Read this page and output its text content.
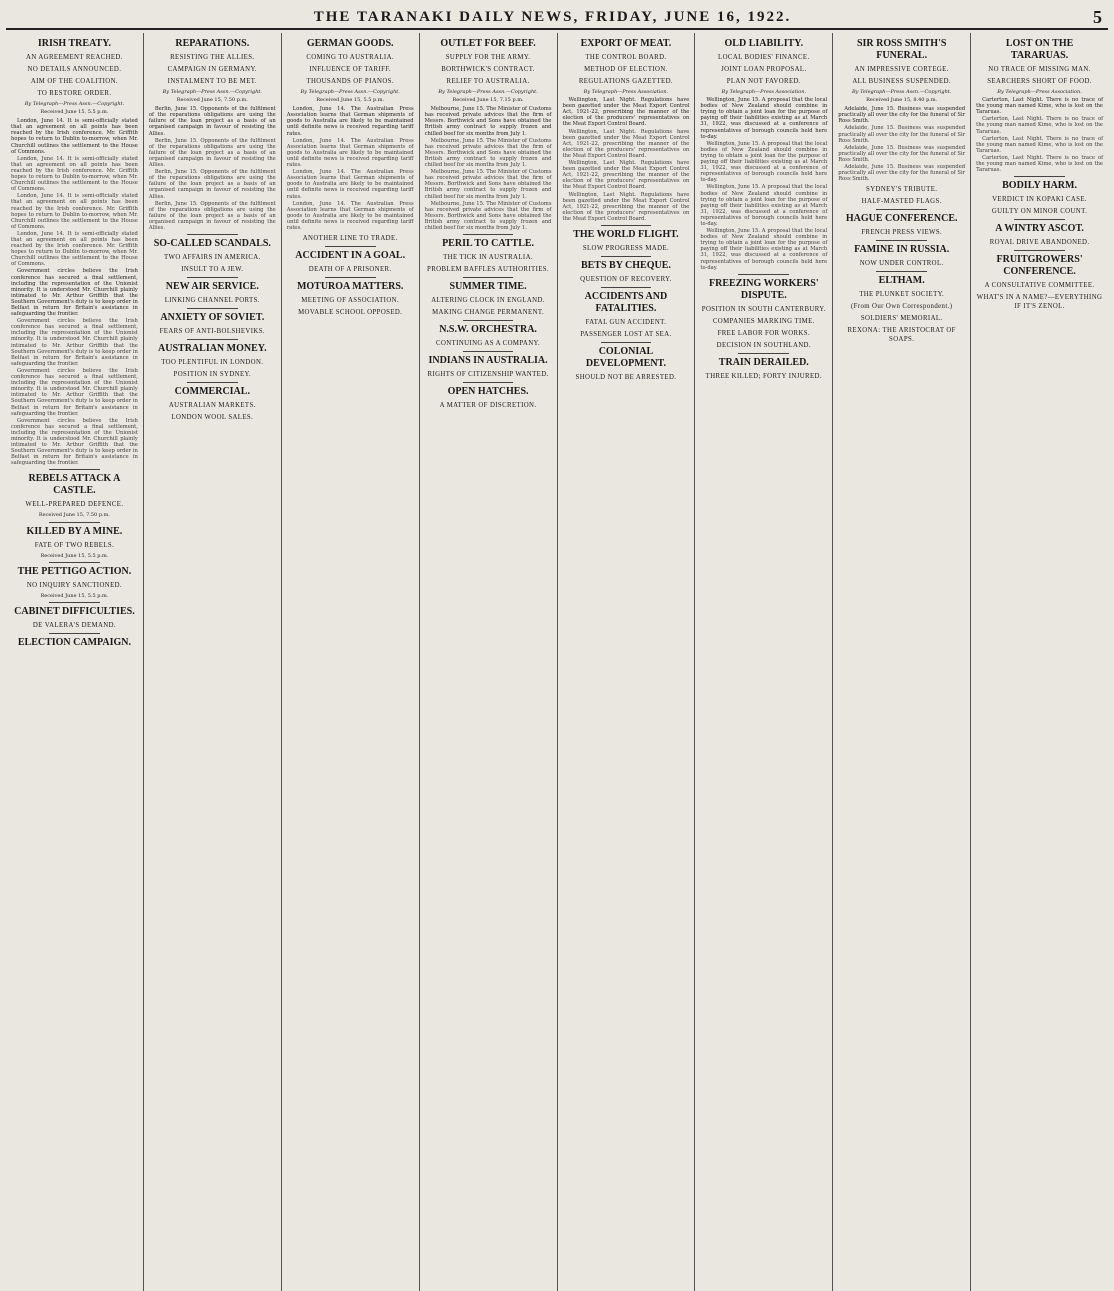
THE TARANAKI DAILY NEWS, FRIDAY, JUNE 16, 1922.	5
IRISH TREATY.
AN AGREEMENT REACHED.
NO DETAILS ANNOUNCED.
AIM OF THE COALITION.
TO RESTORE ORDER.
By Telegraph—Press Assn.—Copyright.
Received June 15, 5.5 p.m.
London, June 14. It is semi-officially stated that an agreement on all points has been reached by the Irish conference. Mr. Griffith hopes to return to Dublin to-morrow, when Mr. Churchill outlines the settlement to the House of Commons.
London, June 14. It is semi-officially stated that an agreement on all points has been reached by the Irish conference. Mr. Griffith hopes to return to Dublin to-morrow, when Mr. Churchill outlines the settlement to the House of Commons.
London, June 14. It is semi-officially stated that an agreement on all points has been reached by the Irish conference. Mr. Griffith hopes to return to Dublin to-morrow, when Mr. Churchill outlines the settlement to the House of Commons.
London, June 14. It is semi-officially stated that an agreement on all points has been reached by the Irish conference. Mr. Griffith hopes to return to Dublin to-morrow, when Mr. Churchill outlines the settlement to the House of Commons.
Government circles believe the Irish conference has secured a final settlement, including the representation of the Unionist minority. It is understood Mr. Churchill plainly intimated to Mr. Arthur Griffith that the Southern Government's duty is to keep order in Belfast in return for Britain's assistance in safeguarding the frontier.
Government circles believe the Irish conference has secured a final settlement, including the representation of the Unionist minority. It is understood Mr. Churchill plainly intimated to Mr. Arthur Griffith that the Southern Government's duty is to keep order in Belfast in return for Britain's assistance in safeguarding the frontier.
Government circles believe the Irish conference has secured a final settlement, including the representation of the Unionist minority. It is understood Mr. Churchill plainly intimated to Mr. Arthur Griffith that the Southern Government's duty is to keep order in Belfast in return for Britain's assistance in safeguarding the frontier.
Government circles believe the Irish conference has secured a final settlement, including the representation of the Unionist minority. It is understood Mr. Churchill plainly intimated to Mr. Arthur Griffith that the Southern Government's duty is to keep order in Belfast in return for Britain's assistance in safeguarding the frontier.
REBELS ATTACK A CASTLE.
WELL-PREPARED DEFENCE.
Received June 15, 7.50 p.m.
KILLED BY A MINE.
FATE OF TWO REBELS.
Received June 15, 5.5 p.m.
THE PETTIGO ACTION.
NO INQUIRY SANCTIONED.
Received June 15, 5.5 p.m.
CABINET DIFFICULTIES.
DE VALERA'S DEMAND.
ELECTION CAMPAIGN.
REPARATIONS.
RESISTING THE ALLIES.
CAMPAIGN IN GERMANY.
INSTALMENT TO BE MET.
By Telegraph—Press Assn.—Copyright.
Received June 15, 7.50 p.m.
Berlin, June 15. Opponents of the fulfilment of the reparations obligations are using the failure of the loan project as a basis of an organised campaign in favour of resisting the Allies.
Berlin, June 15. Opponents of the fulfilment of the reparations obligations are using the failure of the loan project as a basis of an organised campaign in favour of resisting the Allies.
Berlin, June 15. Opponents of the fulfilment of the reparations obligations are using the failure of the loan project as a basis of an organised campaign in favour of resisting the Allies.
Berlin, June 15. Opponents of the fulfilment of the reparations obligations are using the failure of the loan project as a basis of an organised campaign in favour of resisting the Allies.
SO-CALLED SCANDALS.
TWO AFFAIRS IN AMERICA.
INSULT TO A JEW.
NEW AIR SERVICE.
LINKING CHANNEL PORTS.
ANXIETY OF SOVIET.
FEARS OF ANTI-BOLSHEVIKS.
AUSTRALIAN MONEY.
TOO PLENTIFUL IN LONDON.
POSITION IN SYDNEY.
COMMERCIAL.
AUSTRALIAN MARKETS.
LONDON WOOL SALES.
GERMAN GOODS.
COMING TO AUSTRALIA.
INFLUENCE OF TARIFF.
THOUSANDS OF PIANOS.
By Telegraph—Press Assn.—Copyright.
Received June 15, 5.5 p.m.
London, June 14. The Australian Press Association learns that German shipments of goods to Australia are likely to be maintained until definite news is received regarding tariff rates.
London, June 14. The Australian Press Association learns that German shipments of goods to Australia are likely to be maintained until definite news is received regarding tariff rates.
London, June 14. The Australian Press Association learns that German shipments of goods to Australia are likely to be maintained until definite news is received regarding tariff rates.
London, June 14. The Australian Press Association learns that German shipments of goods to Australia are likely to be maintained until definite news is received regarding tariff rates.
ANOTHER LINE TO TRADE.
ACCIDENT IN A GOAL.
DEATH OF A PRISONER.
MOTUROA MATTERS.
MEETING OF ASSOCIATION.
MOVABLE SCHOOL OPPOSED.
OUTLET FOR BEEF.
SUPPLY FOR THE ARMY.
BORTHWICK'S CONTRACT.
RELIEF TO AUSTRALIA.
By Telegraph—Press Assn.—Copyright.
Received June 15, 7.15 p.m.
Melbourne, June 15. The Minister of Customs has received private advices that the firm of Messrs. Borthwick and Sons have obtained the British army contract to supply frozen and chilled beef for six months from July 1.
Melbourne, June 15. The Minister of Customs has received private advices that the firm of Messrs. Borthwick and Sons have obtained the British army contract to supply frozen and chilled beef for six months from July 1.
Melbourne, June 15. The Minister of Customs has received private advices that the firm of Messrs. Borthwick and Sons have obtained the British army contract to supply frozen and chilled beef for six months from July 1.
Melbourne, June 15. The Minister of Customs has received private advices that the firm of Messrs. Borthwick and Sons have obtained the British army contract to supply frozen and chilled beef for six months from July 1.
PERIL TO CATTLE.
THE TICK IN AUSTRALIA.
PROBLEM BAFFLES AUTHORITIES.
SUMMER TIME.
ALTERING CLOCK IN ENGLAND.
MAKING CHANGE PERMANENT.
N.S.W. ORCHESTRA.
CONTINUING AS A COMPANY.
INDIANS IN AUSTRALIA.
RIGHTS OF CITIZENSHIP WANTED.
OPEN HATCHES.
A MATTER OF DISCRETION.
EXPORT OF MEAT.
THE CONTROL BOARD.
METHOD OF ELECTION.
REGULATIONS GAZETTED.
By Telegraph—Press Association.
Wellington, Last Night. Regulations have been gazetted under the Meat Export Control Act, 1921-22, prescribing the manner of the election of the producers' representatives on the Meat Export Control Board.
Wellington, Last Night. Regulations have been gazetted under the Meat Export Control Act, 1921-22, prescribing the manner of the election of the producers' representatives on the Meat Export Control Board.
Wellington, Last Night. Regulations have been gazetted under the Meat Export Control Act, 1921-22, prescribing the manner of the election of the producers' representatives on the Meat Export Control Board.
Wellington, Last Night. Regulations have been gazetted under the Meat Export Control Act, 1921-22, prescribing the manner of the election of the producers' representatives on the Meat Export Control Board.
THE WORLD FLIGHT.
SLOW PROGRESS MADE.
BETS BY CHEQUE.
QUESTION OF RECOVERY.
ACCIDENTS AND FATALITIES.
FATAL GUN ACCIDENT.
PASSENGER LOST AT SEA.
COLONIAL DEVELOPMENT.
SHOULD NOT BE ARRESTED.
OLD LIABILITY.
LOCAL BODIES' FINANCE.
JOINT LOAN PROPOSAL.
PLAN NOT FAVORED.
By Telegraph—Press Association.
Wellington, June 15. A proposal that the local bodies of New Zealand should combine in trying to obtain a joint loan for the purpose of paying off their liabilities existing as at March 31, 1922, was discussed at a conference of representatives of borough councils held here to-day.
Wellington, June 15. A proposal that the local bodies of New Zealand should combine in trying to obtain a joint loan for the purpose of paying off their liabilities existing as at March 31, 1922, was discussed at a conference of representatives of borough councils held here to-day.
Wellington, June 15. A proposal that the local bodies of New Zealand should combine in trying to obtain a joint loan for the purpose of paying off their liabilities existing as at March 31, 1922, was discussed at a conference of representatives of borough councils held here to-day.
Wellington, June 15. A proposal that the local bodies of New Zealand should combine in trying to obtain a joint loan for the purpose of paying off their liabilities existing as at March 31, 1922, was discussed at a conference of representatives of borough councils held here to-day.
FREEZING WORKERS' DISPUTE.
POSITION IN SOUTH CANTERBURY.
COMPANIES MARKING TIME.
FREE LABOR FOR WORKS.
DECISION IN SOUTHLAND.
TRAIN DERAILED.
THREE KILLED; FORTY INJURED.
SIR ROSS SMITH'S FUNERAL.
AN IMPRESSIVE CORTEGE.
ALL BUSINESS SUSPENDED.
By Telegraph—Press Assn.—Copyright.
Received June 15, 8.40 p.m.
Adelaide, June 15. Business was suspended practically all over the city for the funeral of Sir Ross Smith.
Adelaide, June 15. Business was suspended practically all over the city for the funeral of Sir Ross Smith.
Adelaide, June 15. Business was suspended practically all over the city for the funeral of Sir Ross Smith.
Adelaide, June 15. Business was suspended practically all over the city for the funeral of Sir Ross Smith.
SYDNEY'S TRIBUTE.
HALF-MASTED FLAGS.
HAGUE CONFERENCE.
FRENCH PRESS VIEWS.
FAMINE IN RUSSIA.
NOW UNDER CONTROL.
ELTHAM.
THE PLUNKET SOCIETY.
(From Our Own Correspondent.)
SOLDIERS' MEMORIAL.
REXONA: THE ARISTOCRAT OF SOAPS.
LOST ON THE TARARUAS.
NO TRACE OF MISSING MAN.
SEARCHERS SHORT OF FOOD.
By Telegraph—Press Association.
Carterton, Last Night. There is no trace of the young man named Kime, who is lost on the Tararuas.
Carterton, Last Night. There is no trace of the young man named Kime, who is lost on the Tararuas.
Carterton, Last Night. There is no trace of the young man named Kime, who is lost on the Tararuas.
Carterton, Last Night. There is no trace of the young man named Kime, who is lost on the Tararuas.
BODILY HARM.
VERDICT IN KOPAKI CASE.
GUILTY ON MINOR COUNT.
A WINTRY ASCOT.
ROYAL DRIVE ABANDONED.
FRUITGROWERS' CONFERENCE.
A CONSULTATIVE COMMITTEE.
WHAT'S IN A NAME?—EVERYTHING IF IT'S ZENOL.
